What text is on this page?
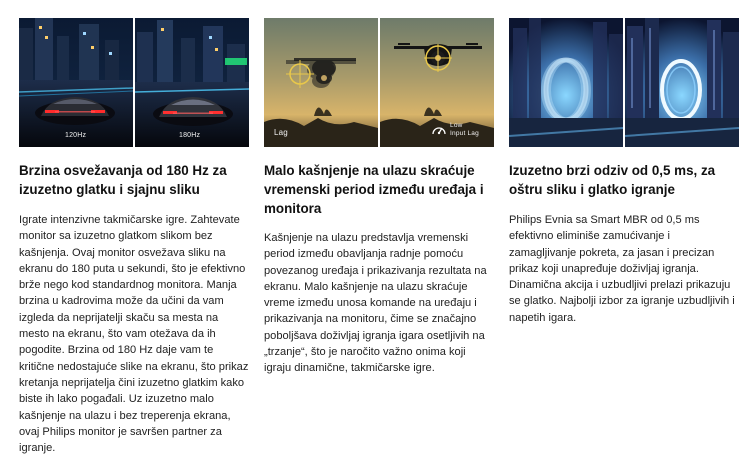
120Hz	180Hz
Brzina osvežavanja od 180 Hz za izuzetno glatku i sjajnu sliku

Igrate intenzivne takmičarske igre. Zahtevate monitor sa izuzetno glatkom slikom bez kašnjenja. Ovaj monitor osvežava sliku na ekranu do 180 puta u sekundi, što je efektivno brže nego kod standardnog monitora. Manja brzina u kadrovima može da učini da vam izgleda da neprijatelji skaču sa mesta na mesto na ekranu, što vam otežava da ih pogodite. Brzina od 180 Hz daje vam te kritične nedostajuće slike na ekranu, što prikaz kretanja neprijatelja čini izuzetno glatkim kako biste ih lako pogađali. Uz izuzetno malo kašnjenje na ulazu i bez treperenja ekrana, ovaj Philips monitor je savršen partner za igranje.

Lag
Low
Input Lag
Malo kašnjenje na ulazu skraćuje vremenski period između uređaja i monitora

Kašnjenje na ulazu predstavlja vremenski period između obavljanja radnje pomoću povezanog uređaja i prikazivanja rezultata na ekranu. Malo kašnjenje na ulazu skraćuje vreme između unosa komande na uređaju i prikazivanja na monitoru, čime se značajno poboljšava doživljaj igranja igara osetljivih na „trzanje“, što je naročito važno onima koji igraju dinamične, takmičarske igre.

Izuzetno brzi odziv od 0,5 ms, za oštru sliku i glatko igranje

Philips Evnia sa Smart MBR od 0,5 ms efektivno eliminiše zamućivanje i zamagljivanje pokreta, za jasan i precizan prikaz koji unapređuje doživljaj igranja. Dinamična akcija i uzbudljivi prelazi prikazuju se glatko. Najbolji izbor za igranje uzbudljivih i napetih igara.
